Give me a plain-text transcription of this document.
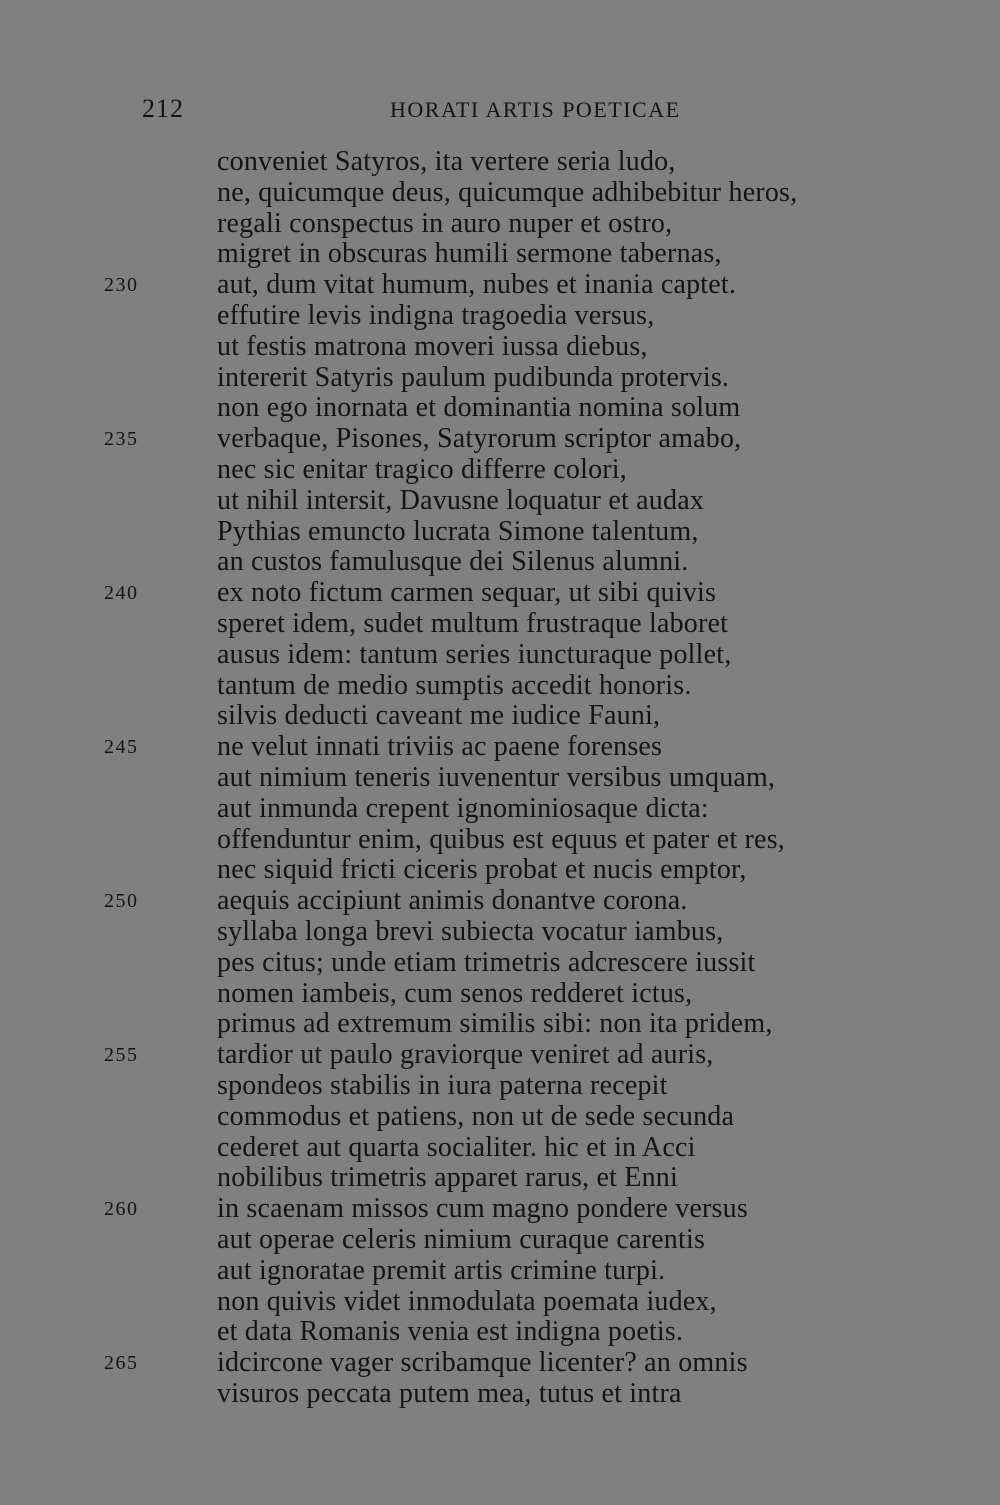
212	HORATI ARTIS POETICAE
conveniet Satyros, ita vertere seria ludo,
ne, quicumque deus, quicumque adhibebitur heros,
regali conspectus in auro nuper et ostro,
migret in obscuras humili sermone tabernas,
230	aut, dum vitat humum, nubes et inania captet.
effutire levis indigna tragoedia versus,
ut festis matrona moveri iussa diebus,
intererit Satyris paulum pudibunda protervis.
non ego inornata et dominantia nomina solum
235	verbaque, Pisones, Satyrorum scriptor amabo,
nec sic enitar tragico differre colori,
ut nihil intersit, Davusne loquatur et audax
Pythias emuncto lucrata Simone talentum,
an custos famulusque dei Silenus alumni.
240	ex noto fictum carmen sequar, ut sibi quivis
speret idem, sudet multum frustraque laboret
ausus idem: tantum series iuncturaque pollet,
tantum de medio sumptis accedit honoris.
silvis deducti caveant me iudice Fauni,
245	ne velut innati triviis ac paene forenses
aut nimium teneris iuvenentur versibus umquam,
aut inmunda crepent ignominiosaque dicta:
offenduntur enim, quibus est equus et pater et res,
nec siquid fricti ciceris probat et nucis emptor,
250	aequis accipiunt animis donantve corona.
syllaba longa brevi subiecta vocatur iambus,
pes citus; unde etiam trimetris adcrescere iussit
nomen iambeis, cum senos redderet ictus,
primus ad extremum similis sibi: non ita pridem,
255	tardior ut paulo graviorque veniret ad auris,
spondeos stabilis in iura paterna recepit
commodus et patiens, non ut de sede secunda
cederet aut quarta socialiter. hic et in Acci
nobilibus trimetris apparet rarus, et Enni
260	in scaenam missos cum magno pondere versus
aut operae celeris nimium curaque carentis
aut ignoratae premit artis crimine turpi.
non quivis videt inmodulata poemata iudex,
et data Romanis venia est indigna poetis.
265	idcircone vager scribamque licenter? an omnis
visuros peccata putem mea, tutus et intra
